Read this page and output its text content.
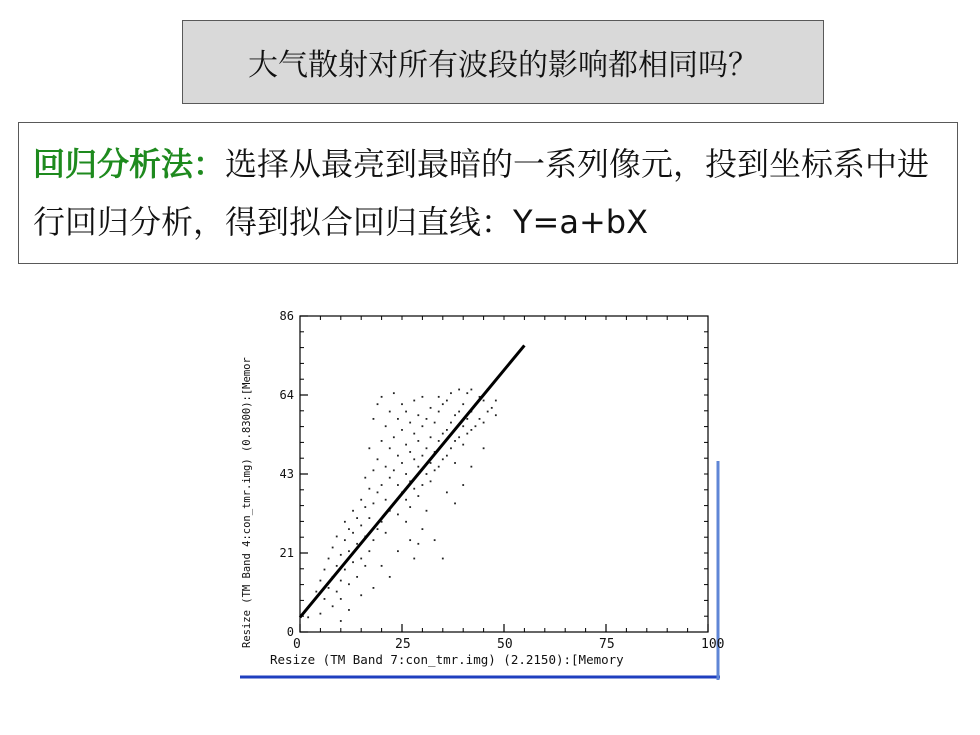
大气散射对所有波段的影响都相同吗？
回归分析法：选择从最亮到最暗的一系列像元，投到坐标系中进行回归分析，得到拟合回归直线：Y=a+bX
0	25	50	75	100
0
21
43
64
86
Resize (TM Band 7:con_tmr.img) (2.2150):[Memory
Resize (TM Band 4:con_tmr.img) (0.8300):[Memor
